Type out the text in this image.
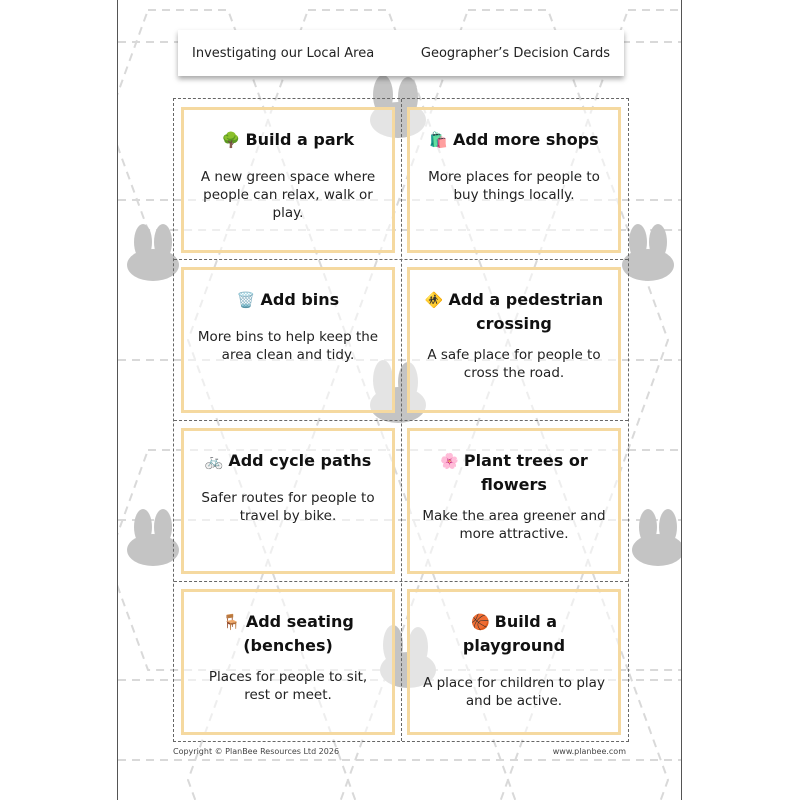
Investigating our Local Area	Geographer’s Decision Cards
🌳 Build a park
A new green space where people can relax, walk or play.
🛍️ Add more shops
More places for people to buy things locally.
🗑️ Add bins
More bins to help keep the area clean and tidy.
🚸 Add a pedestrian crossing
A safe place for people to cross the road.
🚲 Add cycle paths
Safer routes for people to travel by bike.
🌸 Plant trees or flowers
Make the area greener and more attractive.
🪑 Add seating (benches)
Places for people to sit, rest or meet.
🏀 Build a playground
A place for children to play and be active.
Copyright © PlanBee Resources Ltd 2026	www.planbee.com
